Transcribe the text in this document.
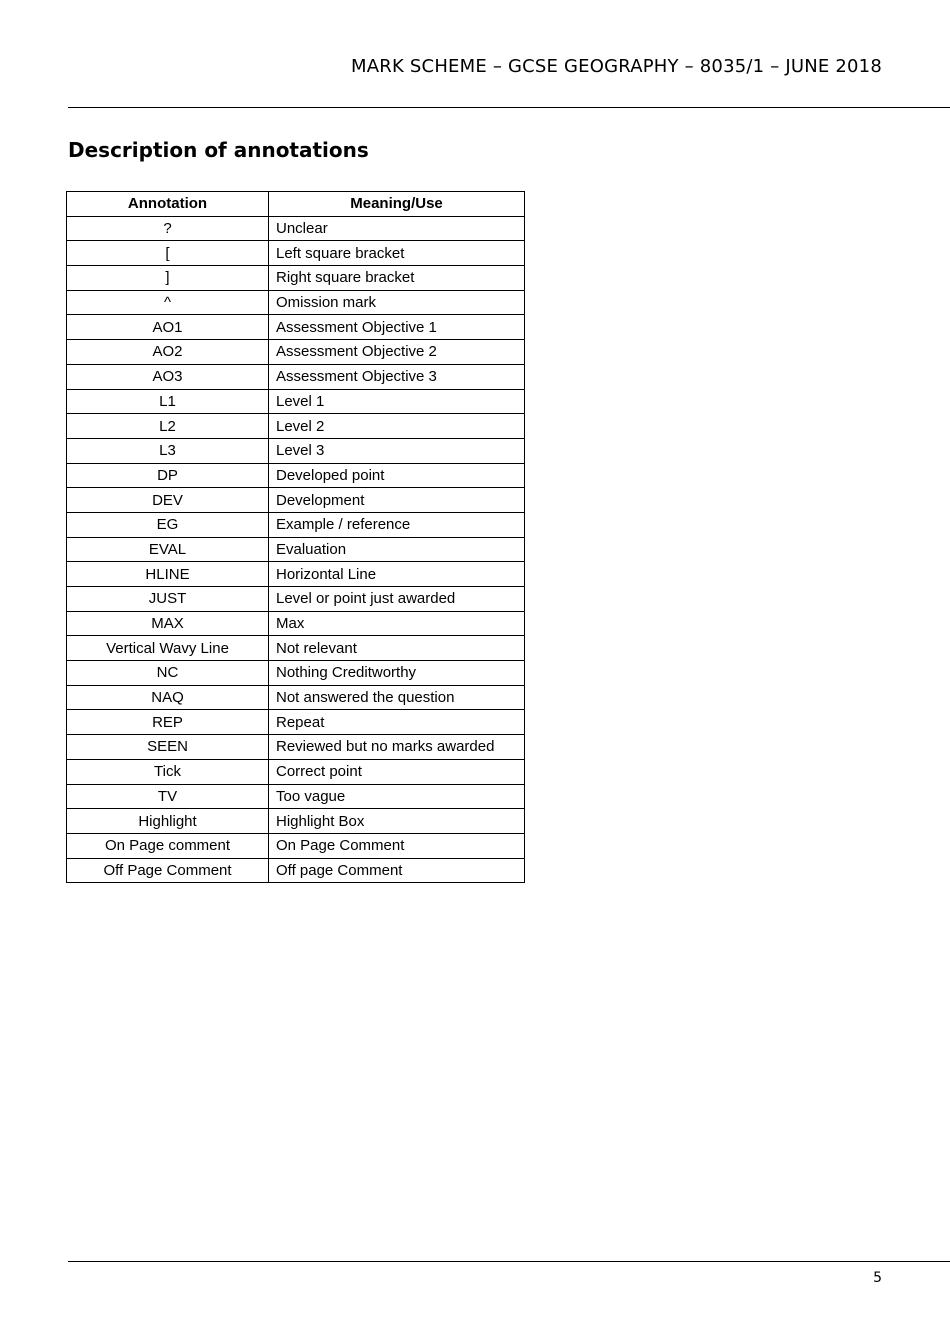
MARK SCHEME – GCSE GEOGRAPHY – 8035/1 – JUNE 2018
Description of annotations
Annotation	Meaning/Use
?	Unclear
[	Left square bracket
]	Right square bracket
^	Omission mark
AO1	Assessment Objective 1
AO2	Assessment Objective 2
AO3	Assessment Objective 3
L1	Level 1
L2	Level 2
L3	Level 3
DP	Developed point
DEV	Development
EG	Example / reference
EVAL	Evaluation
HLINE	Horizontal Line
JUST	Level or point just awarded
MAX	Max
Vertical Wavy Line	Not relevant
NC	Nothing Creditworthy
NAQ	Not answered the question
REP	Repeat
SEEN	Reviewed but no marks awarded
Tick	Correct point
TV	Too vague
Highlight	Highlight Box
On Page comment	On Page Comment
Off Page Comment	Off page Comment
5
